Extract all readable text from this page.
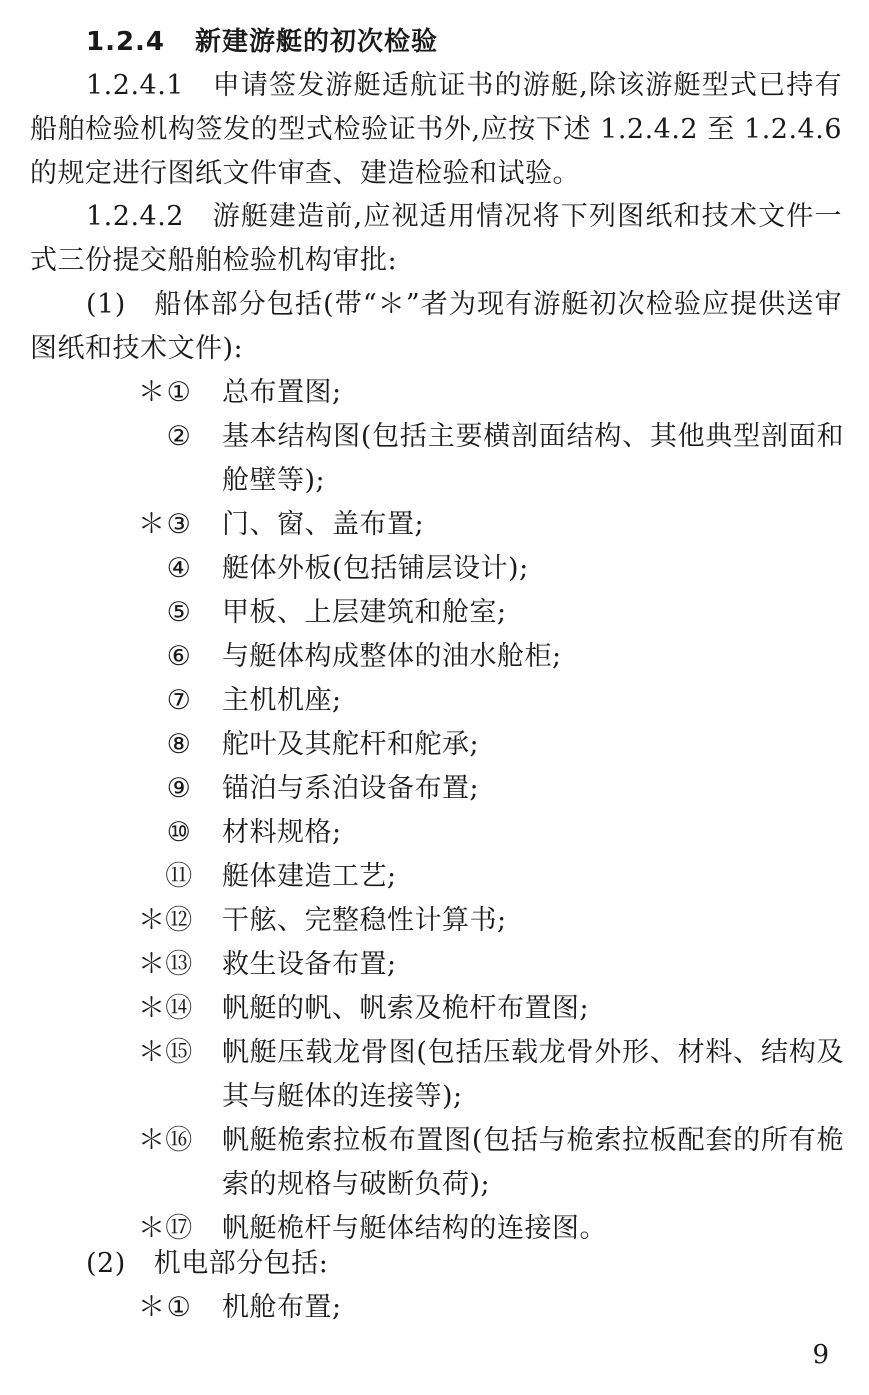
1.2.4 新建游艇的初次检验
1.2.4.1 申请签发游艇适航证书的游艇,除该游艇型式已持有船舶检验机构签发的型式检验证书外,应按下述 1.2.4.2 至 1.2.4.6 的规定进行图纸文件审查、建造检验和试验。
1.2.4.2 游艇建造前,应视适用情况将下列图纸和技术文件一式三份提交船舶检验机构审批:
(1) 船体部分包括(带“＊”者为现有游艇初次检验应提供送审图纸和技术文件):
＊ ① 总布置图;
② 基本结构图(包括主要横剖面结构、其他典型剖面和舱壁等);
＊ ③ 门、窗、盖布置;
④ 艇体外板(包括铺层设计);
⑤ 甲板、上层建筑和舱室;
⑥ 与艇体构成整体的油水舱柜;
⑦ 主机机座;
⑧ 舵叶及其舵杆和舵承;
⑨ 锚泊与系泊设备布置;
⑩ 材料规格;
⑪ 艇体建造工艺;
＊ ⑫ 干舷、完整稳性计算书;
＊ ⑬ 救生设备布置;
＊ ⑭ 帆艇的帆、帆索及桅杆布置图;
＊ ⑮ 帆艇压载龙骨图(包括压载龙骨外形、材料、结构及其与艇体的连接等);
＊ ⑯ 帆艇桅索拉板布置图(包括与桅索拉板配套的所有桅索的规格与破断负荷);
＊ ⑰ 帆艇桅杆与艇体结构的连接图。
(2) 机电部分包括:
＊ ① 机舱布置;
9
